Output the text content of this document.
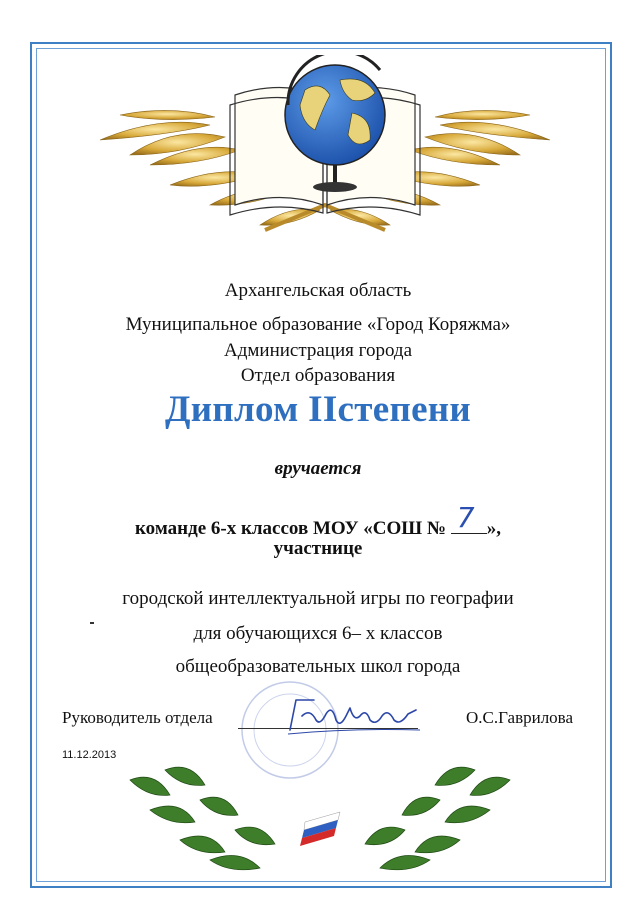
Архангельская область
Муниципальное образование «Город Коряжма»
Администрация города
Отдел образования
Диплом IIстепени
вручается
команде 6-х классов МОУ «СОШ № 7 »,
участнице
городской интеллектуальной игры по географии
для обучающихся 6– х классов
общеобразовательных школ города
Руководитель отдела	О.С.Гаврилова
11.12.2013
